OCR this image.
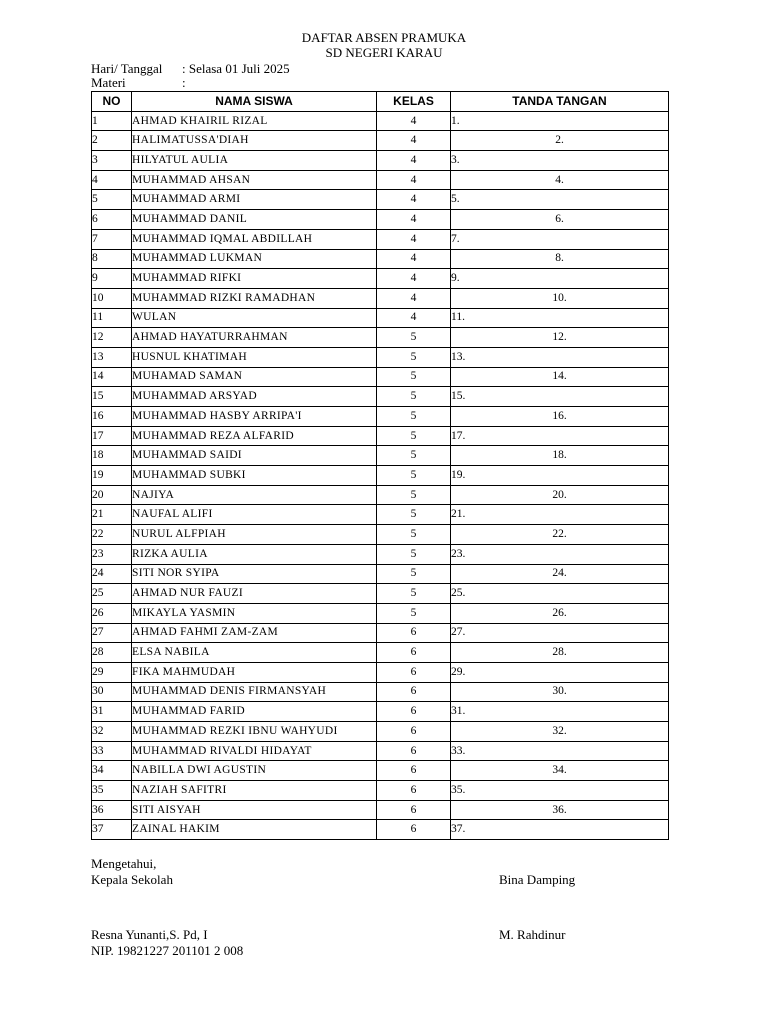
DAFTAR ABSEN PRAMUKA
SD NEGERI KARAU
Hari/ Tanggal : Selasa 01 Juli 2025
Materi	:
NO	NAMA SISWA	KELAS	TANDA TANGAN
1	AHMAD KHAIRIL RIZAL	4	1.
2	HALIMATUSSA'DIAH	4	2.
3	HILYATUL AULIA	4	3.
4	MUHAMMAD AHSAN	4	4.
5	MUHAMMAD ARMI	4	5.
6	MUHAMMAD DANIL	4	6.
7	MUHAMMAD IQMAL ABDILLAH	4	7.
8	MUHAMMAD LUKMAN	4	8.
9	MUHAMMAD RIFKI	4	9.
10	MUHAMMAD RIZKI RAMADHAN	4	10.
11	WULAN	4	11.
12	AHMAD HAYATURRAHMAN	5	12.
13	HUSNUL KHATIMAH	5	13.
14	MUHAMAD SAMAN	5	14.
15	MUHAMMAD ARSYAD	5	15.
16	MUHAMMAD HASBY ARRIPA'I	5	16.
17	MUHAMMAD REZA ALFARID	5	17.
18	MUHAMMAD SAIDI	5	18.
19	MUHAMMAD SUBKI	5	19.
20	NAJIYA	5	20.
21	NAUFAL ALIFI	5	21.
22	NURUL ALFPIAH	5	22.
23	RIZKA AULIA	5	23.
24	SITI NOR SYIPA	5	24.
25	AHMAD NUR FAUZI	5	25.
26	MIKAYLA YASMIN	5	26.
27	AHMAD FAHMI ZAM-ZAM	6	27.
28	ELSA NABILA	6	28.
29	FIKA MAHMUDAH	6	29.
30	MUHAMMAD DENIS FIRMANSYAH	6	30.
31	MUHAMMAD FARID	6	31.
32	MUHAMMAD REZKI IBNU WAHYUDI	6	32.
33	MUHAMMAD RIVALDI HIDAYAT	6	33.
34	NABILLA DWI AGUSTIN	6	34.
35	NAZIAH SAFITRI	6	35.
36	SITI AISYAH	6	36.
37	ZAINAL HAKIM	6	37.
Mengetahui,
Kepala Sekolah	Bina Damping
Resna Yunanti,S. Pd, I	M. Rahdinur
NIP. 19821227 201101 2 008
